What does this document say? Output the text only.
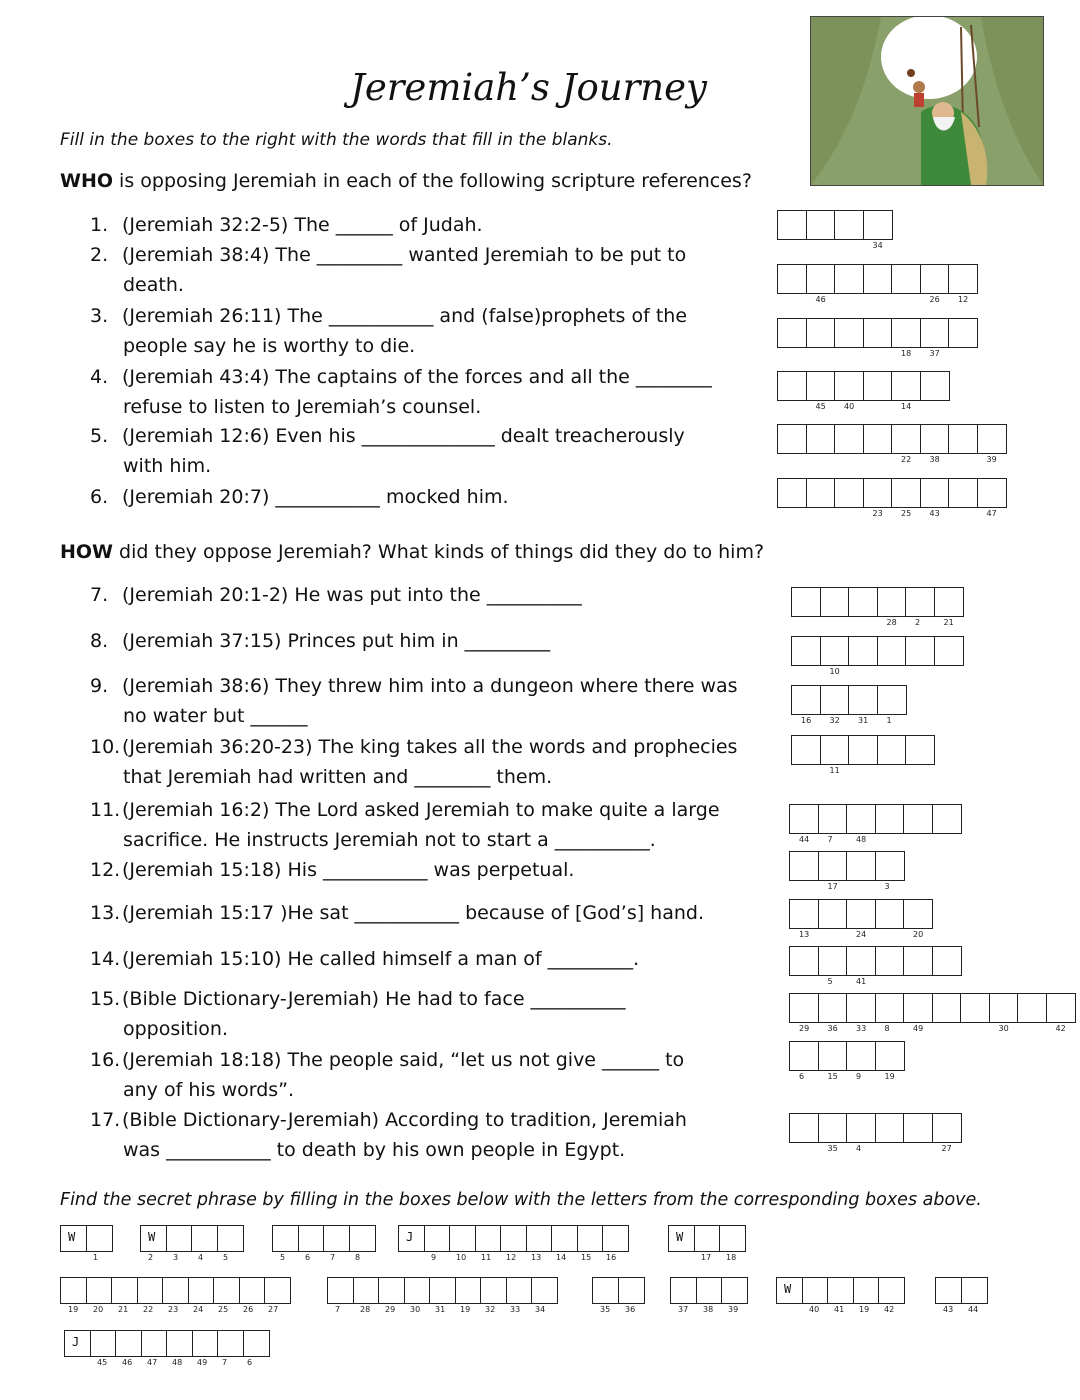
Jeremiah’s Journey
Fill in the boxes to the right with the words that fill in the blanks.
WHO is opposing Jeremiah in each of the following scripture references?
HOW did they oppose Jeremiah? What kinds of things did they do to him?
1. (Jeremiah 32:2-5) The ______ of Judah.
2. (Jeremiah 38:4) The _________ wanted Jeremiah to be put to
death.
3. (Jeremiah 26:11) The ___________ and (false)prophets of the
people say he is worthy to die.
4. (Jeremiah 43:4) The captains of the forces and all the ________
refuse to listen to Jeremiah’s counsel.
5. (Jeremiah 12:6) Even his ______________ dealt treacherously
with him.
6. (Jeremiah 20:7) ___________ mocked him.
7. (Jeremiah 20:1-2) He was put into the __________
8. (Jeremiah 37:15) Princes put him in _________
9. (Jeremiah 38:6) They threw him into a dungeon where there was
no water but ______
10.(Jeremiah 36:20-23) The king takes all the words and prophecies
that Jeremiah had written and ________ them.
11.(Jeremiah 16:2) The Lord asked Jeremiah to make quite a large
sacrifice. He instructs Jeremiah not to start a __________.
12.(Jeremiah 15:18) His ___________ was perpetual.
13.(Jeremiah 15:17 )He sat ___________ because of [God’s] hand.
14.(Jeremiah 15:10) He called himself a man of _________.
15.(Bible Dictionary-Jeremiah) He had to face __________
opposition.
16.(Jeremiah 18:18) The people said, “let us not give ______ to
any of his words”.
17.(Bible Dictionary-Jeremiah) According to tradition, Jeremiah
was ___________ to death by his own people in Egypt.
34
46	26 12
18 37
45 40	14
22 38	39
23 25 43	47
28 2	21
10
16 32 31 1
11
44 7	48
17	3
13	24	20
5	41
29 36 33 8	49	30	42
6	15 9	19
35 4	27
Find the secret phrase by filling in the boxes below with the letters from the corresponding boxes above.
W
1
W
2 3 4 5	5 6 7 8
J
9 10 11 12 13 14 15 16
W
17 18
19 20 21 22 23 24 25 26 27	7 28 29 30 31 19 32 33 34	35 36	37 38 39
W
40 41 19 42	43 44
J
45 46 47 48 49 7 6
